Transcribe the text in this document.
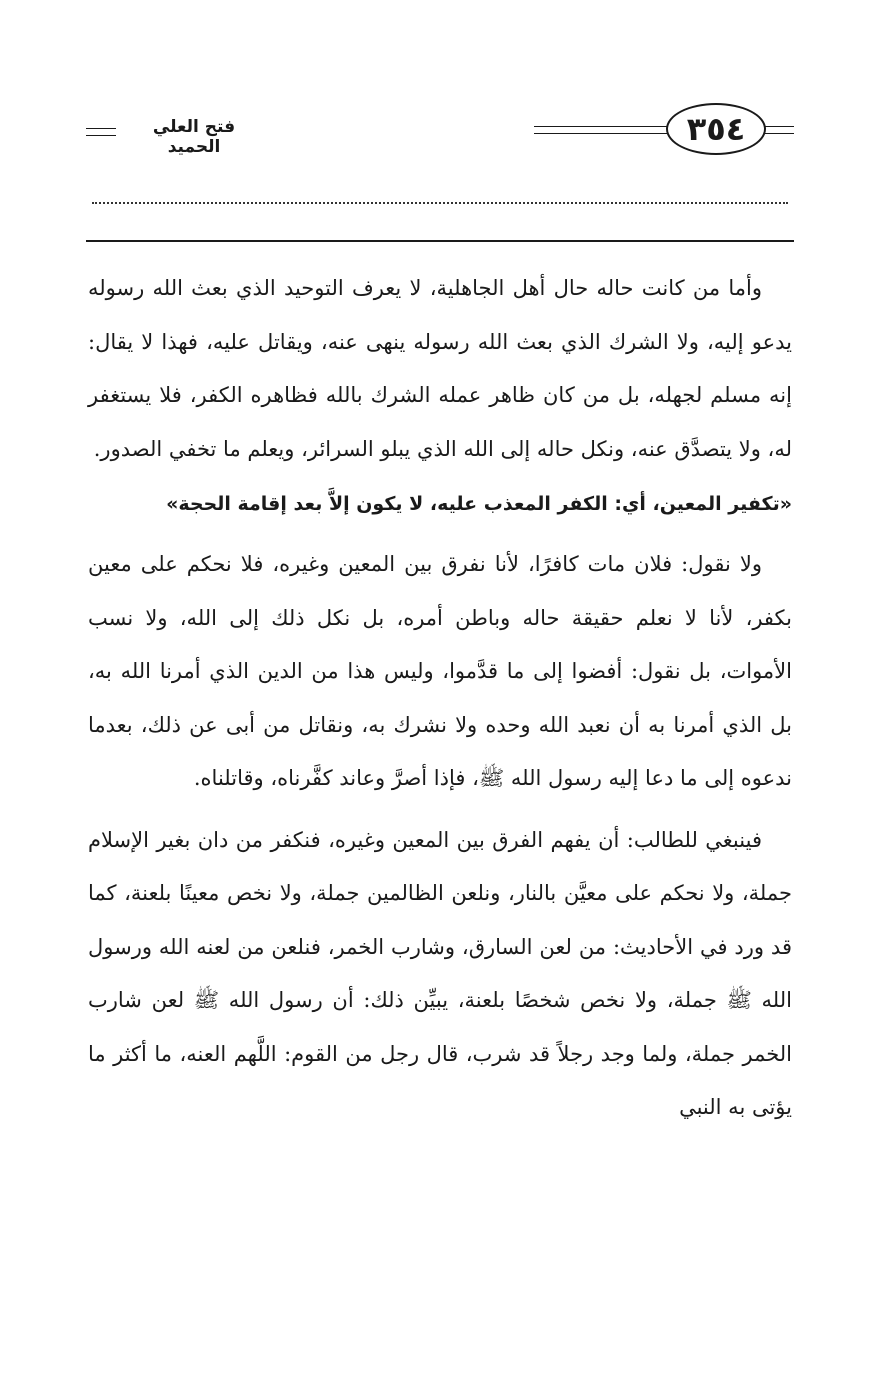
٣٥٤
فتح العلي الحميد

وأما من كانت حاله حال أهل الجاهلية، لا يعرف التوحيد الذي بعث الله رسوله يدعو إليه، ولا الشرك الذي بعث الله رسوله ينهى عنه، ويقاتل عليه، فهذا لا يقال: إنه مسلم لجهله، بل من كان ظاهر عمله الشرك بالله فظاهره الكفر، فلا يستغفر له، ولا يتصدَّق عنه، ونكل حاله إلى الله الذي يبلو السرائر، ويعلم ما تخفي الصدور.

«تكفير المعين، أي: الكفر المعذب عليه، لا يكون إلاَّ بعد إقامة الحجة»

ولا نقول: فلان مات كافرًا، لأنا نفرق بين المعين وغيره، فلا نحكم على معين بكفر، لأنا لا نعلم حقيقة حاله وباطن أمره، بل نكل ذلك إلى الله، ولا نسب الأموات، بل نقول: أفضوا إلى ما قدَّموا، وليس هذا من الدين الذي أمرنا الله به، بل الذي أمرنا به أن نعبد الله وحده ولا نشرك به، ونقاتل من أبى عن ذلك، بعدما ندعوه إلى ما دعا إليه رسول الله ﷺ، فإذا أصرَّ وعاند كفَّرناه، وقاتلناه.

فينبغي للطالب: أن يفهم الفرق بين المعين وغيره، فنكفر من دان بغير الإسلام جملة، ولا نحكم على معيَّن بالنار، ونلعن الظالمين جملة، ولا نخص معينًا بلعنة، كما قد ورد في الأحاديث: من لعن السارق، وشارب الخمر، فنلعن من لعنه الله ورسول الله ﷺ جملة، ولا نخص شخصًا بلعنة، يبيِّن ذلك: أن رسول الله ﷺ لعن شارب الخمر جملة، ولما وجد رجلاً قد شرب، قال رجل من القوم: اللَّهم العنه، ما أكثر ما يؤتى به النبي
